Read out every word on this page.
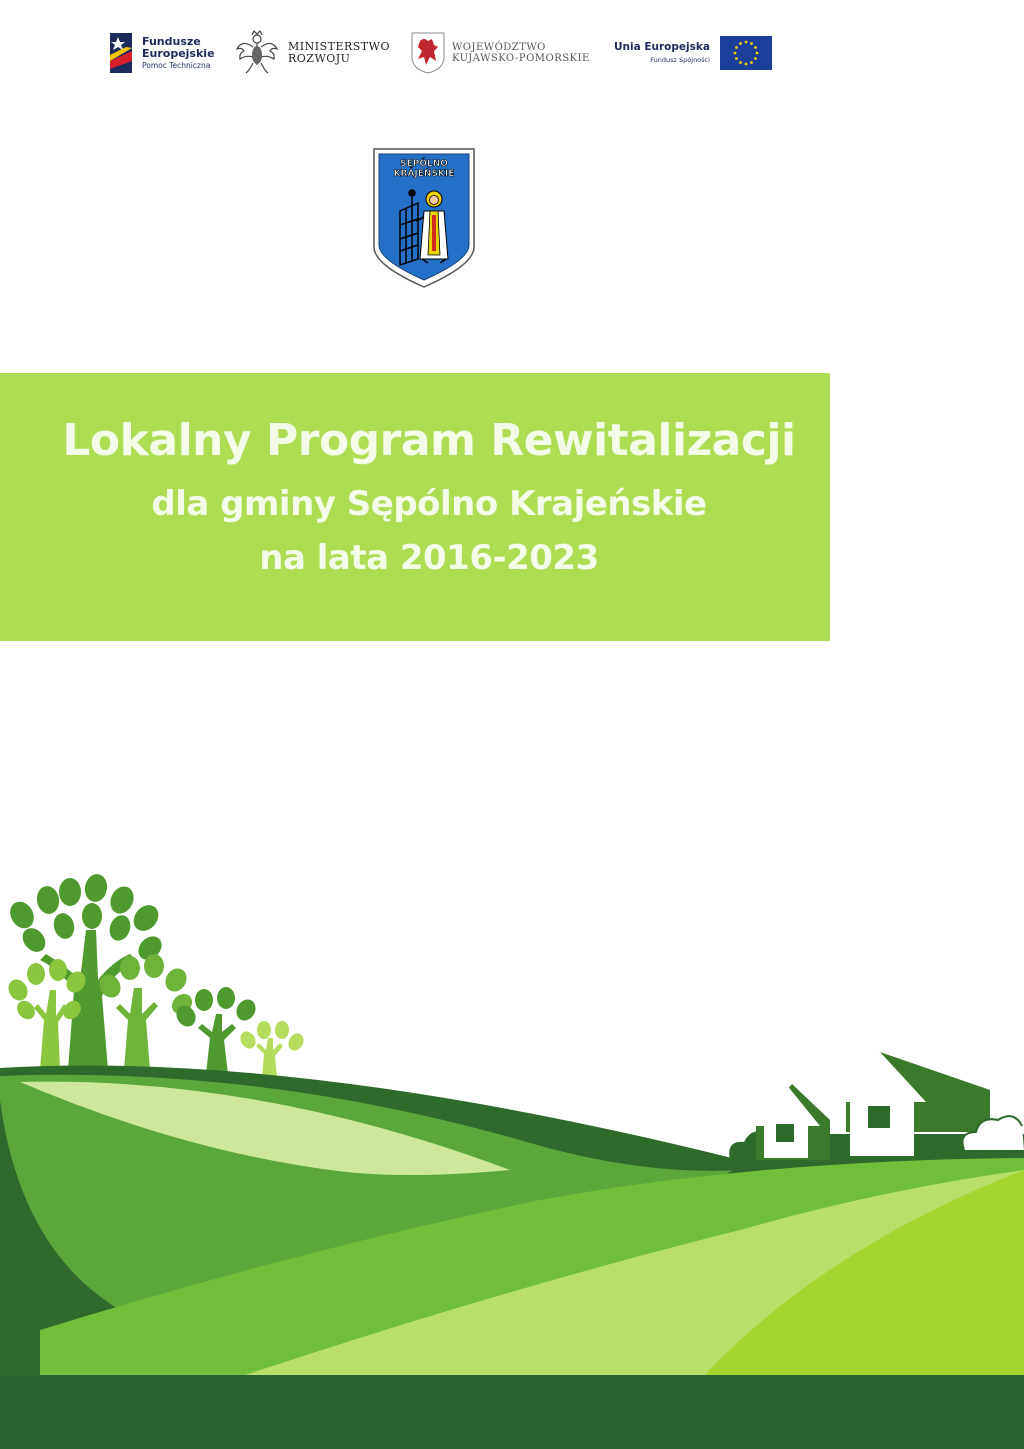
Fundusze
Europejskie
Pomoc Techniczna
MINISTERSTWO
ROZWOJU
WOJEWÓDZTWO
KUJAWSKO-POMORSKIE
Unia Europejska
Fundusz Spójności
SĘPÓLNO
KRAJEŃSKIE
Lokalny Program Rewitalizacji
dla gminy Sępólno Krajeńskie
na lata 2016-2023
